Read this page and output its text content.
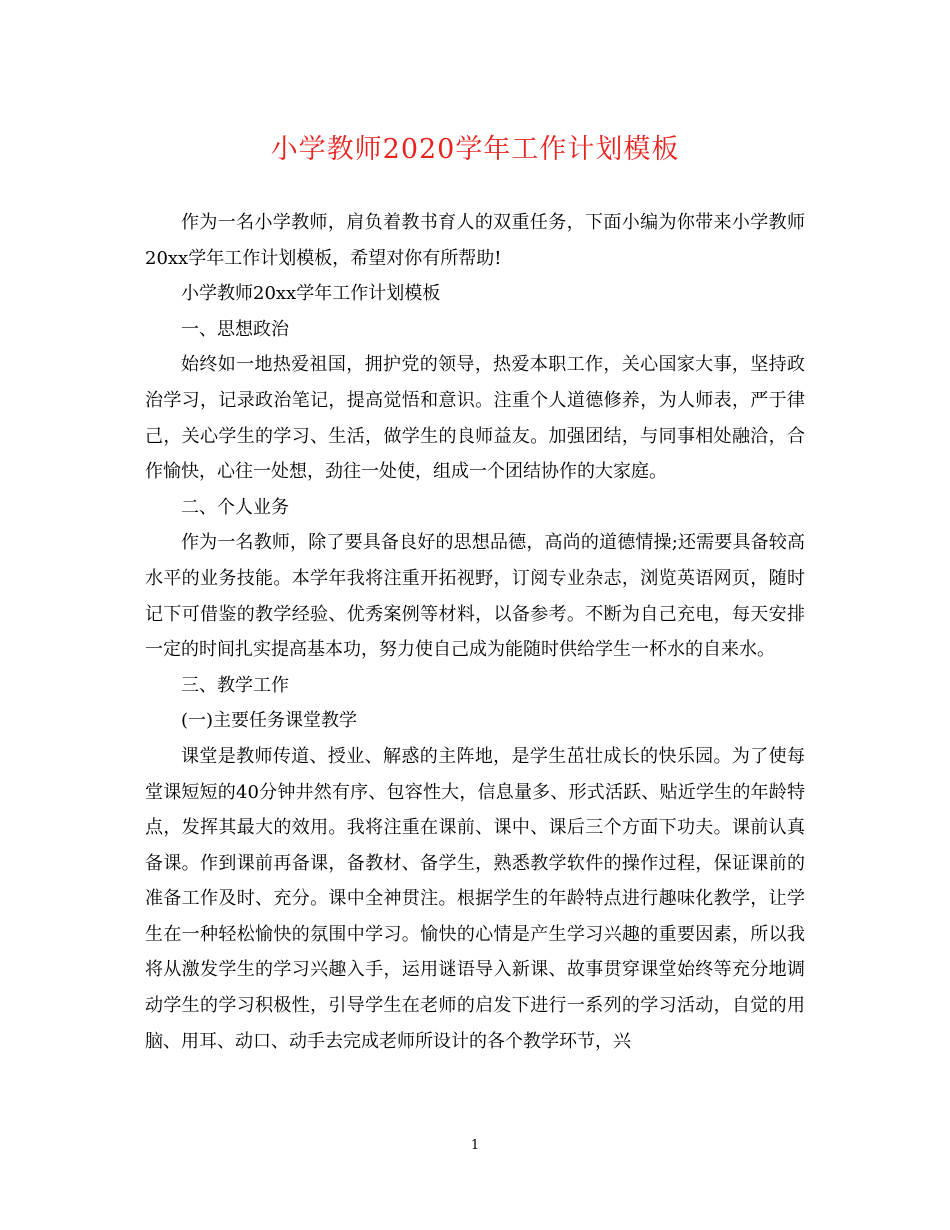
小学教师2020学年工作计划模板

作为一名小学教师，肩负着教书育人的双重任务，下面小编为你带来小学教师20xx学年工作计划模板，希望对你有所帮助!

小学教师20xx学年工作计划模板

一、思想政治

始终如一地热爱祖国，拥护党的领导，热爱本职工作，关心国家大事，坚持政治学习，记录政治笔记，提高觉悟和意识。注重个人道德修养，为人师表，严于律己，关心学生的学习、生活，做学生的良师益友。加强团结，与同事相处融洽，合作愉快，心往一处想，劲往一处使，组成一个团结协作的大家庭。

二、个人业务

作为一名教师，除了要具备良好的思想品德，高尚的道德情操;还需要具备较高水平的业务技能。本学年我将注重开拓视野，订阅专业杂志，浏览英语网页，随时记下可借鉴的教学经验、优秀案例等材料，以备参考。不断为自己充电，每天安排一定的时间扎实提高基本功，努力使自己成为能随时供给学生一杯水的自来水。

三、教学工作

(一)主要任务课堂教学

课堂是教师传道、授业、解惑的主阵地，是学生茁壮成长的快乐园。为了使每堂课短短的40分钟井然有序、包容性大，信息量多、形式活跃、贴近学生的年龄特点，发挥其最大的效用。我将注重在课前、课中、课后三个方面下功夫。课前认真备课。作到课前再备课，备教材、备学生，熟悉教学软件的操作过程，保证课前的准备工作及时、充分。课中全神贯注。根据学生的年龄特点进行趣味化教学，让学生在一种轻松愉快的氛围中学习。愉快的心情是产生学习兴趣的重要因素，所以我将从激发学生的学习兴趣入手，运用谜语导入新课、故事贯穿课堂始终等充分地调动学生的学习积极性，引导学生在老师的启发下进行一系列的学习活动，自觉的用脑、用耳、动口、动手去完成老师所设计的各个教学环节，兴

1
